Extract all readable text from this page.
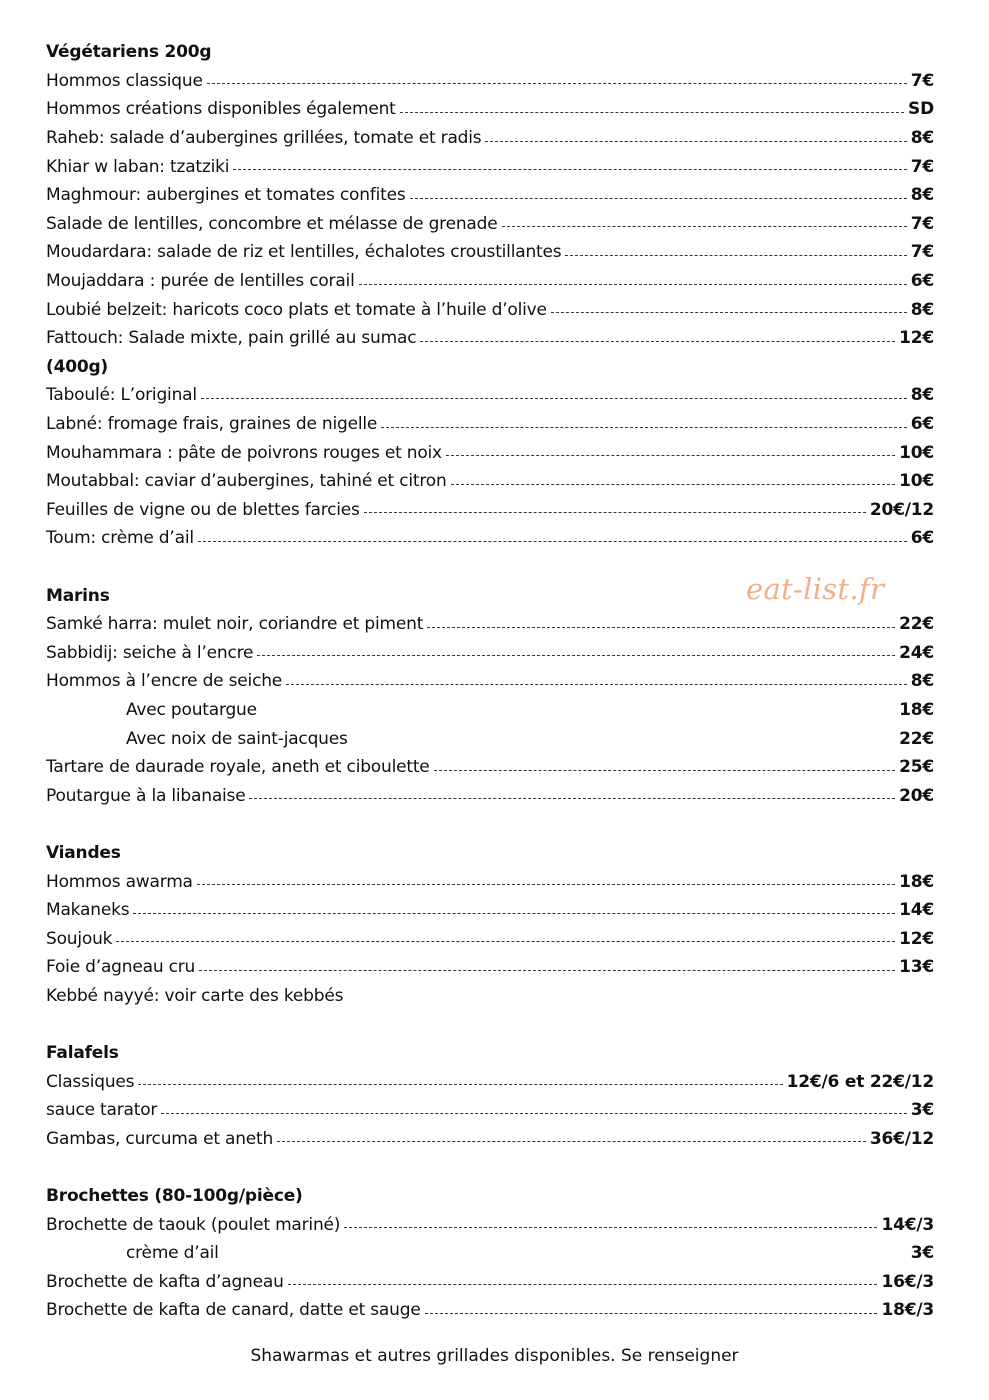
eat-list.fr
Végétariens 200g
Hommos classique	7€
Hommos créations disponibles également	SD
Raheb: salade d’aubergines grillées, tomate et radis	8€
Khiar w laban: tzatziki	7€
Maghmour: aubergines et tomates confites	8€
Salade de lentilles, concombre et mélasse de grenade	7€
Moudardara: salade de riz et lentilles, échalotes croustillantes	7€
Moujaddara : purée de lentilles corail	6€
Loubié belzeit: haricots coco plats et tomate à l’huile d’olive	8€
Fattouch: Salade mixte, pain grillé au sumac	12€
(400g)
Taboulé: L’original	8€
Labné: fromage frais, graines de nigelle	6€
Mouhammara : pâte de poivrons rouges et noix	10€
Moutabbal: caviar d’aubergines, tahiné et citron	10€
Feuilles de vigne ou de blettes farcies	20€/12
Toum: crème d’ail	6€
Marins
Samké harra: mulet noir, coriandre et piment	22€
Sabbidij: seiche à l’encre	24€
Hommos à l’encre de seiche	8€
Avec poutargue	18€
Avec noix de saint-jacques	22€
Tartare de daurade royale, aneth et ciboulette	25€
Poutargue à la libanaise	20€
Viandes
Hommos awarma	18€
Makaneks	14€
Soujouk	12€
Foie d’agneau cru	13€
Kebbé nayyé: voir carte des kebbés
Falafels
Classiques	12€/6 et 22€/12
sauce tarator	3€
Gambas, curcuma et aneth	36€/12
Brochettes (80-100g/pièce)
Brochette de taouk (poulet mariné)	14€/3
crème d’ail	3€
Brochette de kafta d’agneau	16€/3
Brochette de kafta de canard, datte et sauge	18€/3
Shawarmas et autres grillades disponibles. Se renseigner
